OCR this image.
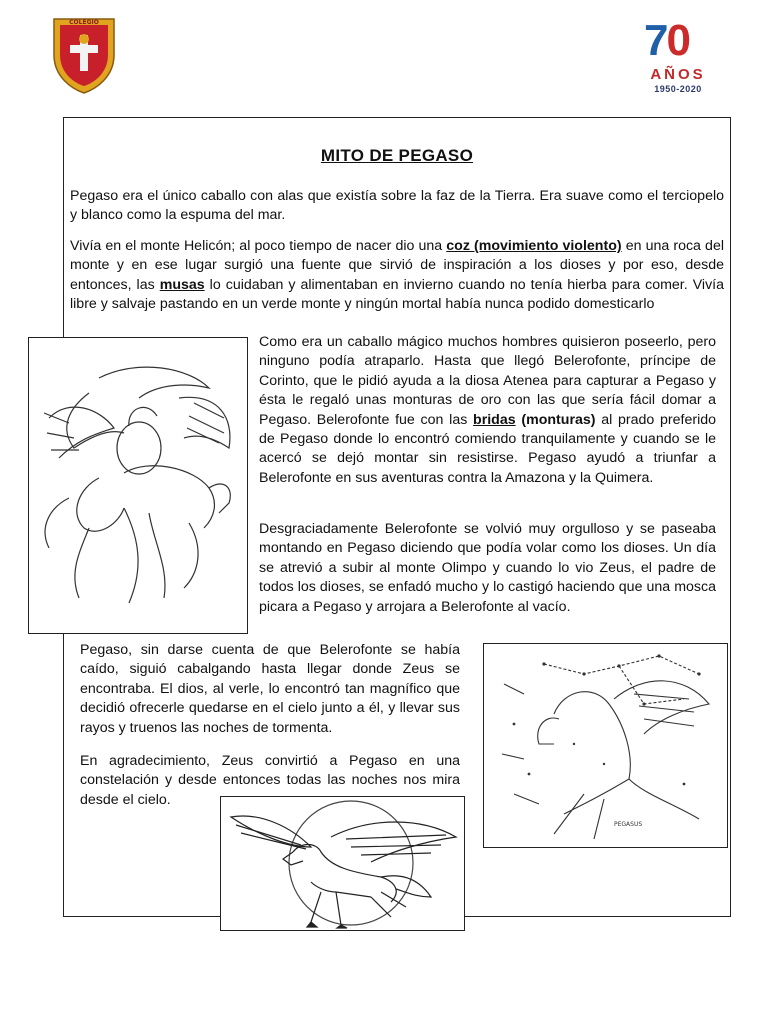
COLEGIO	70
AÑOS
1950-2020
MITO DE PEGASO
Pegaso era el único caballo con alas que existía sobre la faz de la Tierra. Era suave como el terciopelo y blanco como la espuma del mar.
Vivía en el monte Helicón; al poco tiempo de nacer dio una coz (movimiento violento) en una roca del monte y en ese lugar surgió una fuente que sirvió de inspiración a los dioses y por eso, desde entonces, las musas lo cuidaban y alimentaban en invierno cuando no tenía hierba para comer. Vivía libre y salvaje pastando en un verde monte y ningún mortal había nunca podido domesticarlo
Como era un caballo mágico muchos hombres quisieron poseerlo, pero ninguno podía atraparlo. Hasta que llegó Belerofonte, príncipe de Corinto, que le pidió ayuda a la diosa Atenea para capturar a Pegaso y ésta le regaló unas monturas de oro con las que sería fácil domar a Pegaso. Belerofonte fue con las bridas (monturas) al prado preferido de Pegaso donde lo encontró comiendo tranquilamente y cuando se le acercó se dejó montar sin resistirse. Pegaso ayudó a triunfar a Belerofonte en sus aventuras contra la Amazona y la Quimera.
Desgraciadamente Belerofonte se volvió muy orgulloso y se paseaba montando en Pegaso diciendo que podía volar como los dioses. Un día se atrevió a subir al monte Olimpo y cuando lo vio Zeus, el padre de todos los dioses, se enfadó mucho y lo castigó haciendo que una mosca picara a Pegaso y arrojara a Belerofonte al vacío.
Pegaso, sin darse cuenta de que Belerofonte se había caído, siguió cabalgando hasta llegar donde Zeus se encontraba. El dios, al verle, lo encontró tan magnífico que decidió ofrecerle quedarse en el cielo junto a él, y llevar sus rayos y truenos las noches de tormenta.
En agradecimiento, Zeus convirtió a Pegaso en una constelación y desde entonces todas las noches nos mira desde el cielo.
PEGASUS
